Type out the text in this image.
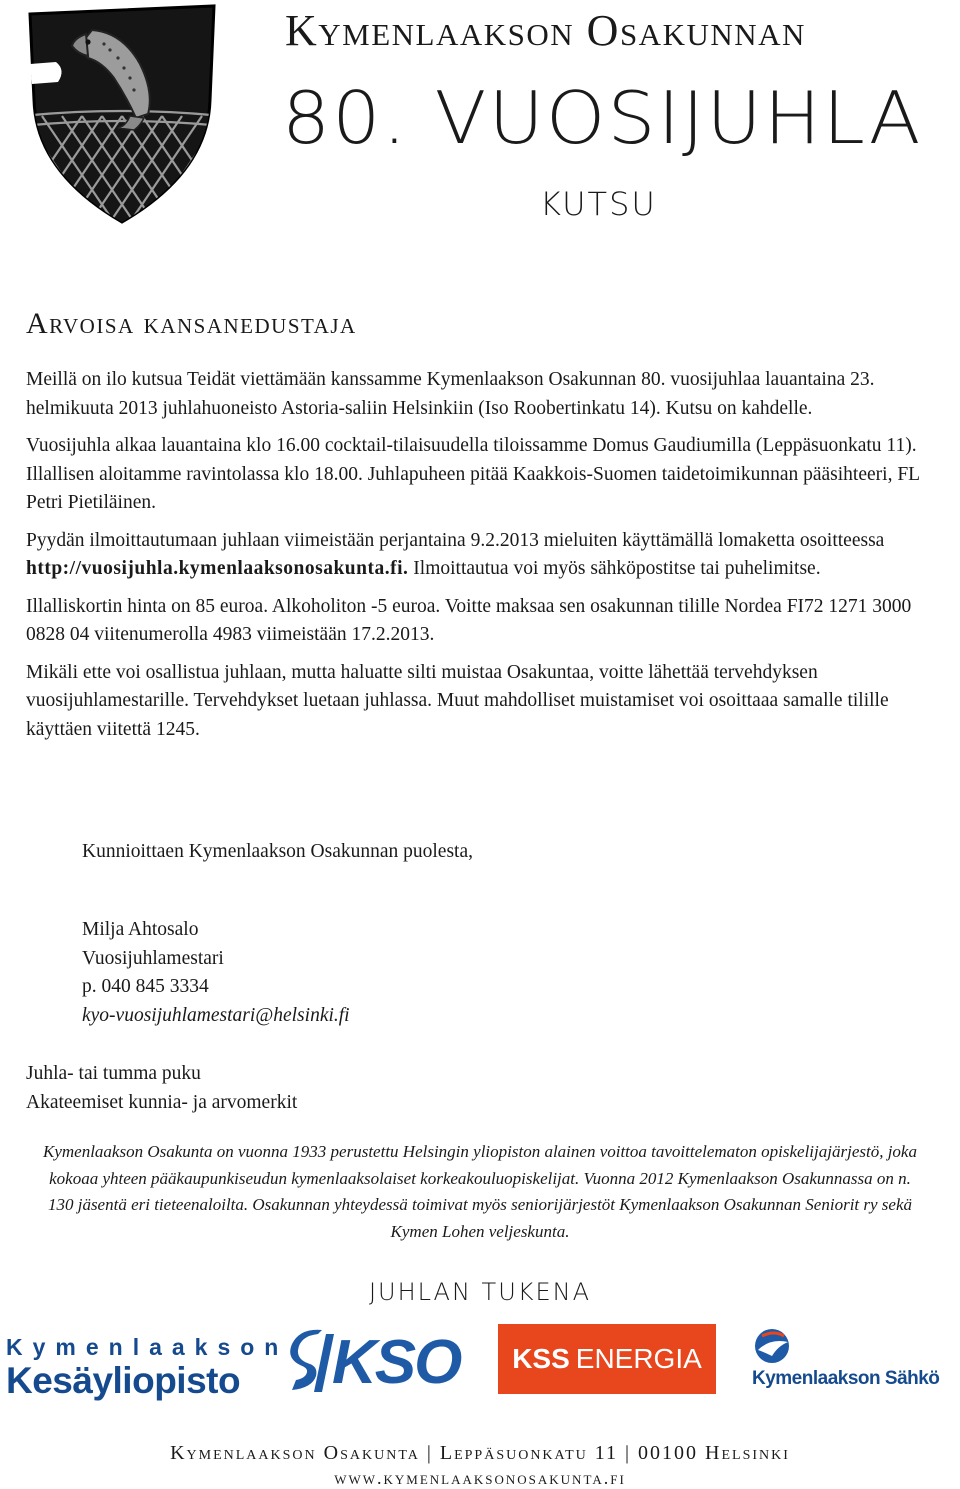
Kymenlaakson Osakunnan
80. VUOSIJUHLA
KUTSU
Arvoisa kansanedustaja

Meillä on ilo kutsua Teidät viettämään kanssamme Kymenlaakson Osakunnan 80. vuosijuhlaa lauantaina 23. helmikuuta 2013 juhlahuoneisto Astoria-saliin Helsinkiin (Iso Roobertinkatu 14). Kutsu on kahdelle.

Vuosijuhla alkaa lauantaina klo 16.00 cocktail-tilaisuudella tiloissamme Domus Gaudiumilla (Leppäsuonkatu 11). Illallisen aloitamme ravintolassa klo 18.00. Juhlapuheen pitää Kaakkois-Suomen taidetoimikunnan pääsihteeri, FL Petri Pietiläinen.

Pyydän ilmoittautumaan juhlaan viimeistään perjantaina 9.2.2013 mieluiten käyttämällä lomaketta osoitteessa http://vuosijuhla.kymenlaaksonosakunta.fi. Ilmoittautua voi myös sähköpostitse tai puhelimitse.

Illalliskortin hinta on 85 euroa. Alkoholiton -5 euroa. Voitte maksaa sen osakunnan tilille Nordea FI72 1271 3000 0828 04 viitenumerolla 4983 viimeistään 17.2.2013.

Mikäli ette voi osallistua juhlaan, mutta haluatte silti muistaa Osakuntaa, voitte lähettää tervehdyksen vuosijuhlamestarille. Tervehdykset luetaan juhlassa. Muut mahdolliset muistamiset voi osoittaaa samalle tilille käyttäen viitettä 1245.

Kunnioittaen Kymenlaakson Osakunnan puolesta,
Milja Ahtosalo
Vuosijuhlamestari
p. 040 845 3334
kyo-vuosijuhlamestari@helsinki.fi
Juhla- tai tumma puku
Akateemiset kunnia- ja arvomerkit
Kymenlaakson Osakunta on vuonna 1933 perustettu Helsingin yliopiston alainen voittoa tavoittelematon opiskelijajärjestö, joka kokoaa yhteen pääkaupunkiseudun kymenlaaksolaiset korkeakouluopiskelijat. Vuonna 2012 Kymenlaakson Osakunnassa on n. 130 jäsentä eri tieteenaloilta. Osakunnan yhteydessä toimivat myös seniorijärjestöt Kymenlaakson Osakunnan Seniorit ry sekä Kymen Lohen veljeskunta.
JUHLAN TUKENA
Kymenlaakson
Kesäyliopisto KSO KSS ENERGIA
Kymenlaakson Sähkö
Kymenlaakson Osakunta | Leppäsuonkatu 11 | 00100 Helsinki
www.kymenlaaksonosakunta.fi
